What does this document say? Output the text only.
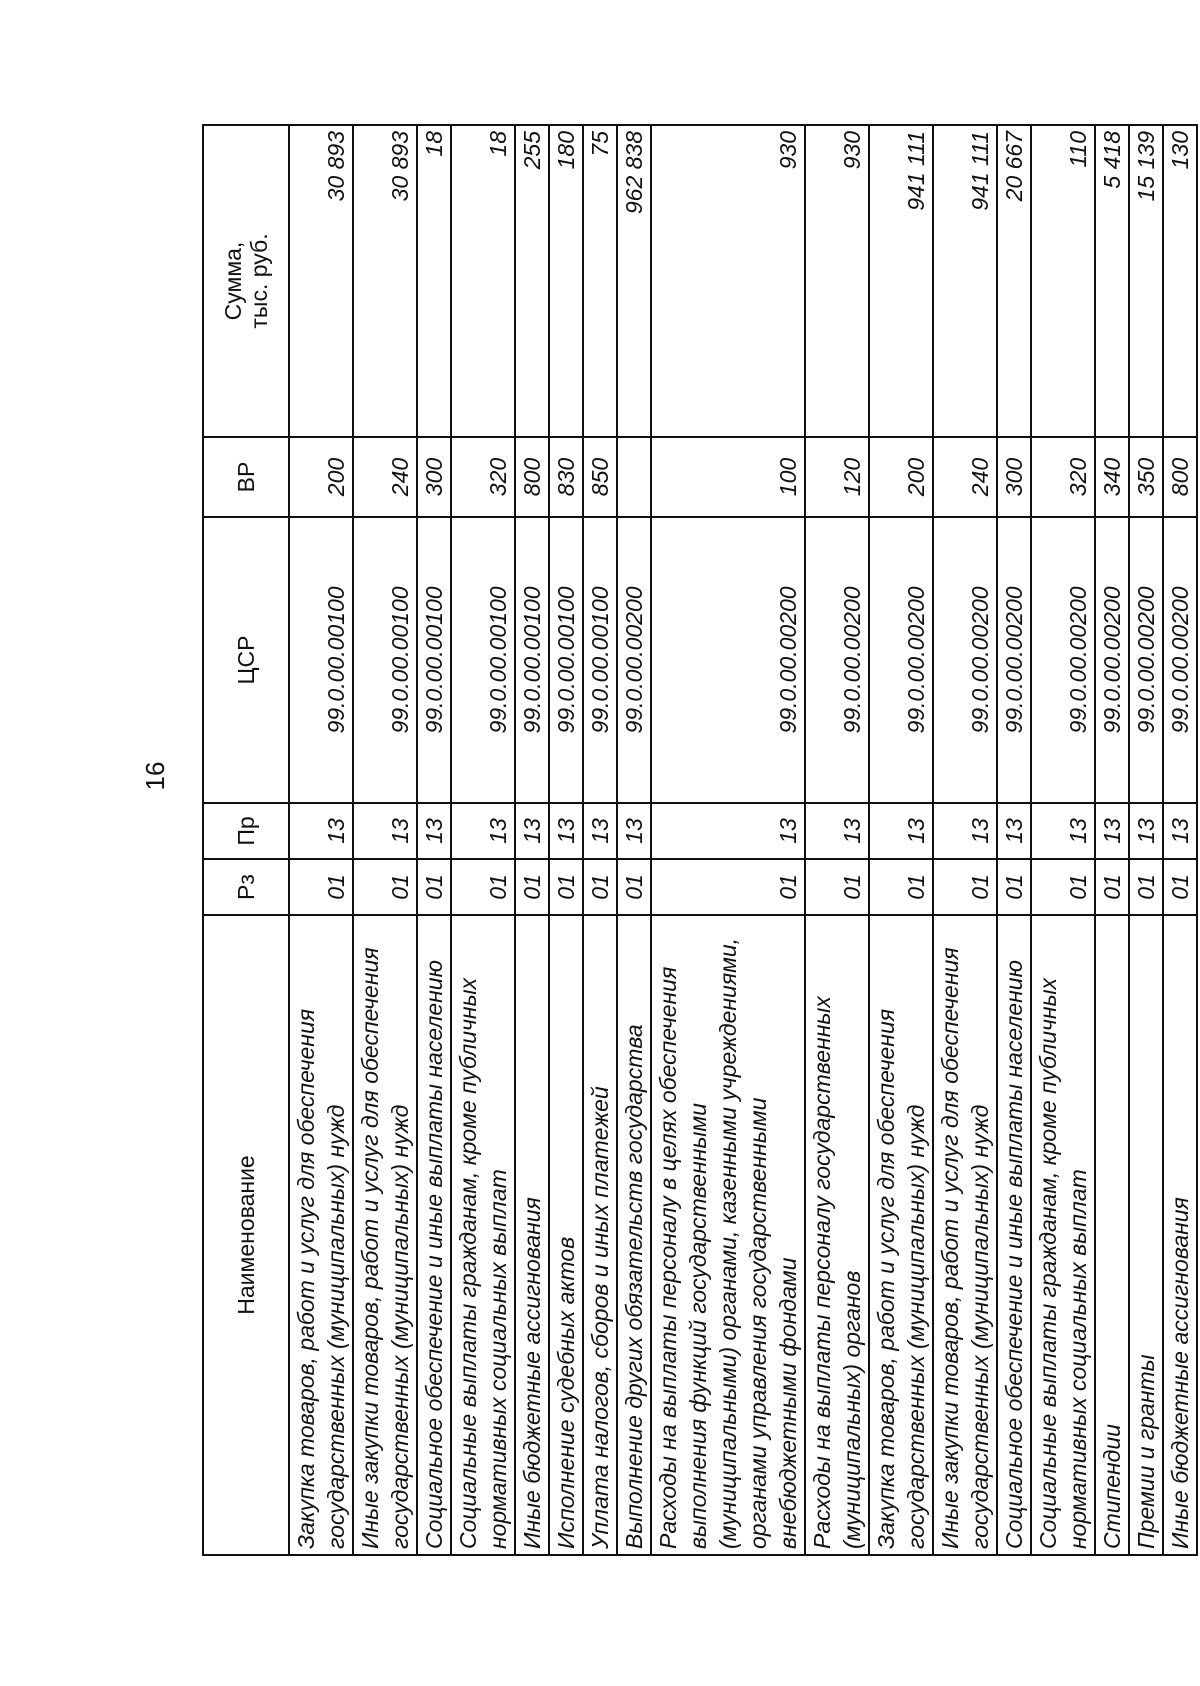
16
Наименование	Рз	Пр	ЦСР	ВР	Сумма,
тыс. руб.
Закупка товаров, работ и услуг для обеспечения государственных (муниципальных) нужд	01	13	99.0.00.00100	200	30 893
Иные закупки товаров, работ и услуг для обеспечения государственных (муниципальных) нужд	01	13	99.0.00.00100	240	30 893
Социальное обеспечение и иные выплаты населению	01	13	99.0.00.00100	300	18
Социальные выплаты гражданам, кроме публичных нормативных социальных выплат	01	13	99.0.00.00100	320	18
Иные бюджетные ассигнования	01	13	99.0.00.00100	800	255
Исполнение судебных актов	01	13	99.0.00.00100	830	180
Уплата налогов, сборов и иных платежей	01	13	99.0.00.00100	850	75
Выполнение других обязательств государства	01	13	99.0.00.00200		962 838
Расходы на выплаты персоналу в целях обеспечения выполнения функций государственными (муниципальными) органами, казенными учреждениями, органами управления государственными внебюджетными фондами	01	13	99.0.00.00200	100	930
Расходы на выплаты персоналу государственных (муниципальных) органов	01	13	99.0.00.00200	120	930
Закупка товаров, работ и услуг для обеспечения государственных (муниципальных) нужд	01	13	99.0.00.00200	200	941 111
Иные закупки товаров, работ и услуг для обеспечения государственных (муниципальных) нужд	01	13	99.0.00.00200	240	941 111
Социальное обеспечение и иные выплаты населению	01	13	99.0.00.00200	300	20 667
Социальные выплаты гражданам, кроме публичных нормативных социальных выплат	01	13	99.0.00.00200	320	110
Стипендии	01	13	99.0.00.00200	340	5 418
Премии и гранты	01	13	99.0.00.00200	350	15 139
Иные бюджетные ассигнования	01	13	99.0.00.00200	800	130
